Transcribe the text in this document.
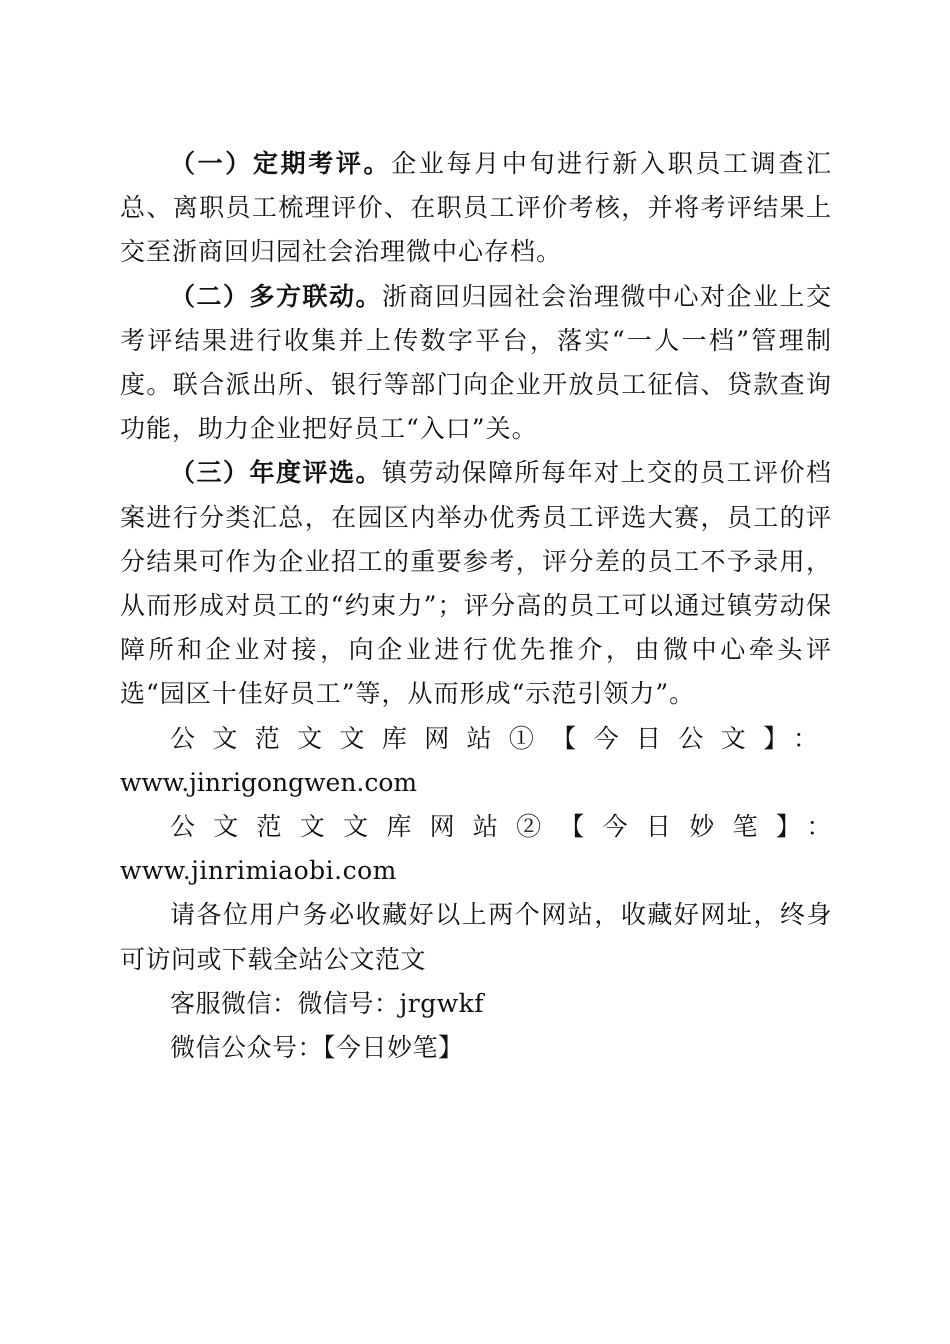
（一）定期考评。企业每月中旬进行新入职员工调查汇总、离职员工梳理评价、在职员工评价考核，并将考评结果上交至浙商回归园社会治理微中心存档。

（二）多方联动。浙商回归园社会治理微中心对企业上交考评结果进行收集并上传数字平台，落实“一人一档”管理制度。联合派出所、银行等部门向企业开放员工征信、贷款查询功能，助力企业把好员工“入口”关。

（三）年度评选。镇劳动保障所每年对上交的员工评价档案进行分类汇总，在园区内举办优秀员工评选大赛，员工的评分结果可作为企业招工的重要参考，评分差的员工不予录用，从而形成对员工的“约束力”；评分高的员工可以通过镇劳动保障所和企业对接，向企业进行优先推介，由微中心牵头评选“园区十佳好员工”等，从而形成“示范引领力”。

公文范文文库网站①【今日公文】：

www.jinrigongwen.com

公文范文文库网站②【今日妙笔】：www.jinrimiaobi.com

请各位用户务必收藏好以上两个网站，收藏好网址，终身可访问或下载全站公文范文

客服微信：微信号：jrgwkf

微信公众号：【今日妙笔】
